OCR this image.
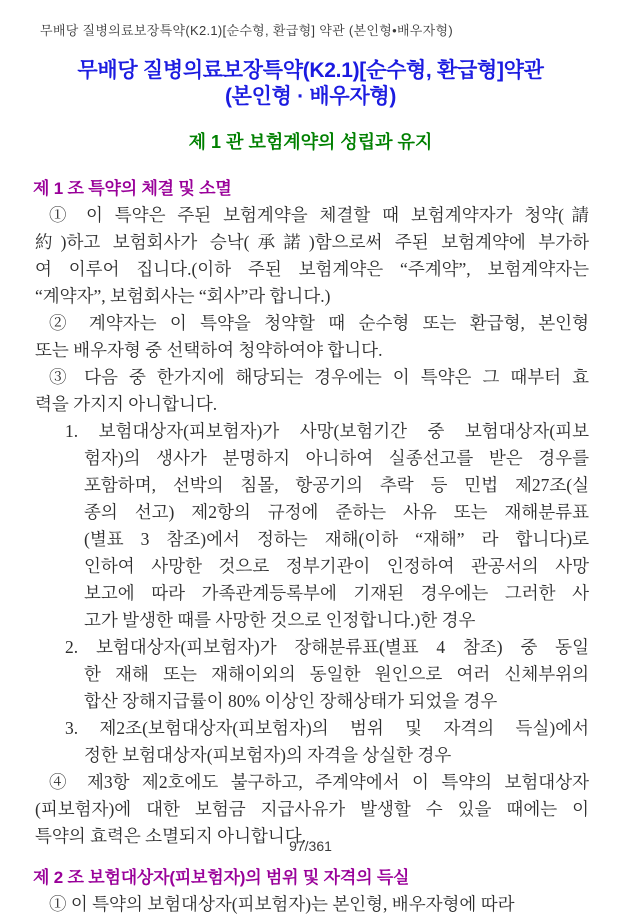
무배당 질병의료보장특약(K2.1)[순수형, 환급형] 약관 (본인형•배우자형)
무배당 질병의료보장특약(K2.1)[순수형, 환급형]약관
(본인형 · 배우자형)
제 1 관 보험계약의 성립과 유지
제 1 조 특약의 체결 및 소멸
① 이 특약은 주된 보험계약을 체결할 때 보험계약자가 청약(請
約)하고 보험회사가 승낙(承諾)함으로써 주된 보험계약에 부가하
여 이루어 집니다.(이하 주된 보험계약은 “주계약”, 보험계약자는
“계약자”, 보험회사는 “회사”라 합니다.)
② 계약자는 이 특약을 청약할 때 순수형 또는 환급형, 본인형
또는 배우자형 중 선택하여 청약하여야 합니다.
③ 다음 중 한가지에 해당되는 경우에는 이 특약은 그 때부터 효
력을 가지지 아니합니다.
1. 보험대상자(피보험자)가 사망(보험기간 중 보험대상자(피보
험자)의 생사가 분명하지 아니하여 실종선고를 받은 경우를
포함하며, 선박의 침몰, 항공기의 추락 등 민법 제27조(실
종의 선고) 제2항의 규정에 준하는 사유 또는 재해분류표
(별표 3 참조)에서 정하는 재해(이하 “재해” 라 합니다)로
인하여 사망한 것으로 정부기관이 인정하여 관공서의 사망
보고에 따라 가족관계등록부에 기재된 경우에는 그러한 사
고가 발생한 때를 사망한 것으로 인정합니다.)한 경우
2. 보험대상자(피보험자)가 장해분류표(별표 4 참조) 중 동일
한 재해 또는 재해이외의 동일한 원인으로 여러 신체부위의
합산 장해지급률이 80% 이상인 장해상태가 되었을 경우
3. 제2조(보험대상자(피보험자)의 범위 및 자격의 득실)에서
정한 보험대상자(피보험자)의 자격을 상실한 경우
④ 제3항 제2호에도 불구하고, 주계약에서 이 특약의 보험대상자
(피보험자)에 대한 보험금 지급사유가 발생할 수 있을 때에는 이
특약의 효력은 소멸되지 아니합니다.
제 2 조 보험대상자(피보험자)의 범위 및 자격의 득실
① 이 특약의 보험대상자(피보험자)는 본인형, 배우자형에 따라
97/361
